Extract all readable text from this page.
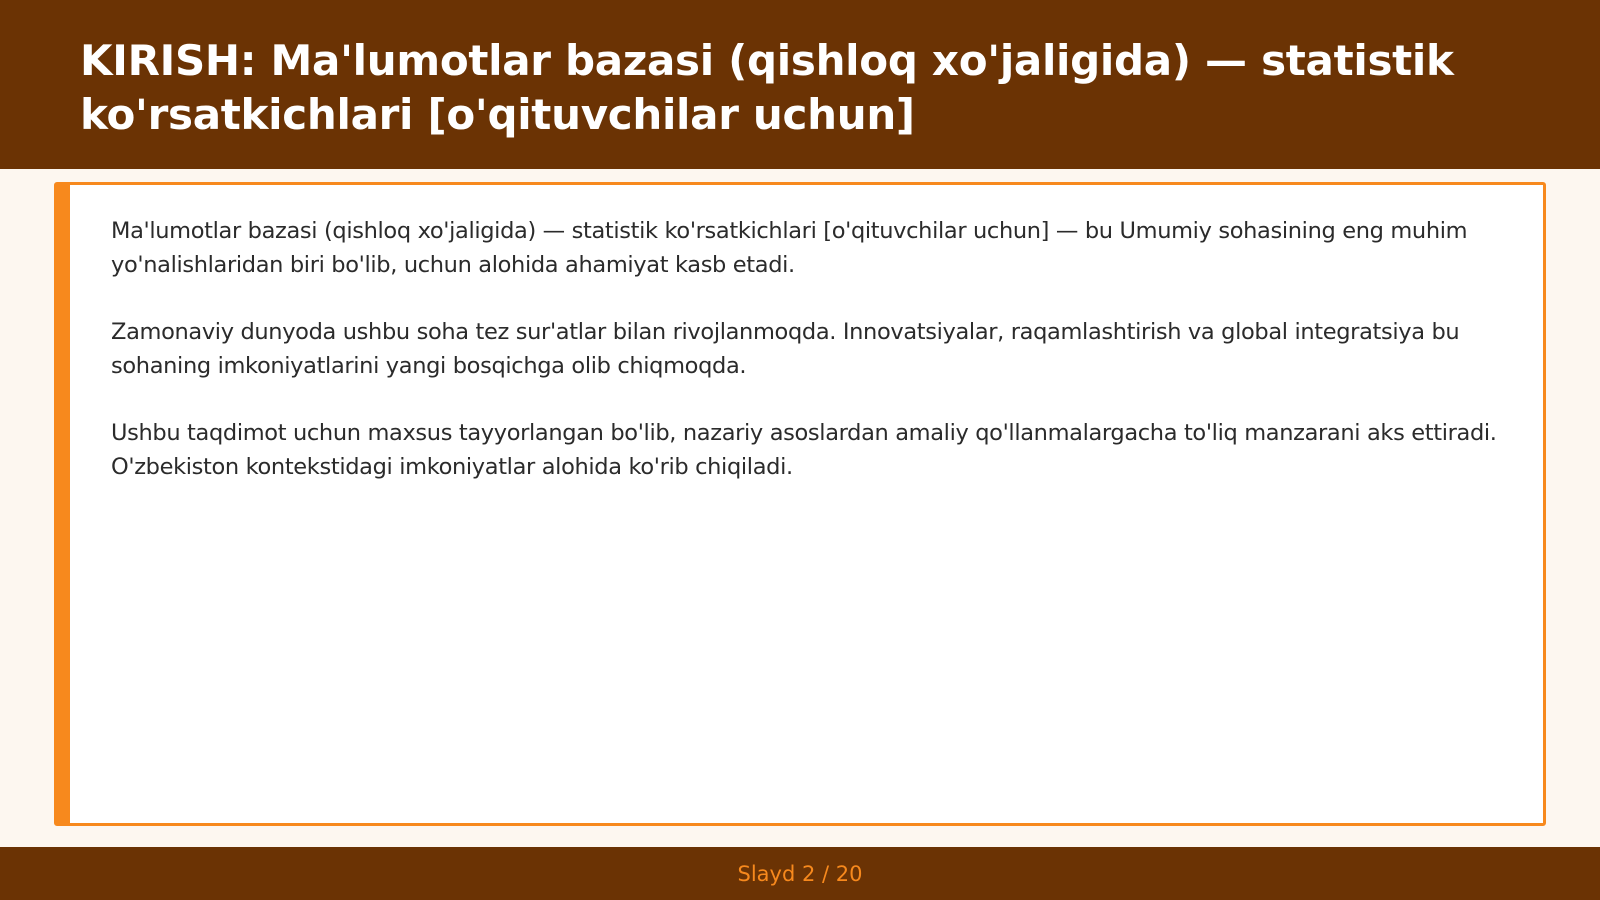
KIRISH: Ma'lumotlar bazasi (qishloq xo'jaligida) — statistik ko'rsatkichlari [o'qituvchilar uchun]

Ma'lumotlar bazasi (qishloq xo'jaligida) — statistik ko'rsatkichlari [o'qituvchilar uchun] — bu Umumiy sohasining eng muhim yo'nalishlaridan biri bo'lib, uchun alohida ahamiyat kasb etadi.

Zamonaviy dunyoda ushbu soha tez sur'atlar bilan rivojlanmoqda. Innovatsiyalar, raqamlashtirish va global integratsiya bu sohaning imkoniyatlarini yangi bosqichga olib chiqmoqda.

Ushbu taqdimot uchun maxsus tayyorlangan bo'lib, nazariy asoslardan amaliy qo'llanmalargacha to'liq manzarani aks ettiradi. O'zbekiston kontekstidagi imkoniyatlar alohida ko'rib chiqiladi.

Slayd 2 / 20
